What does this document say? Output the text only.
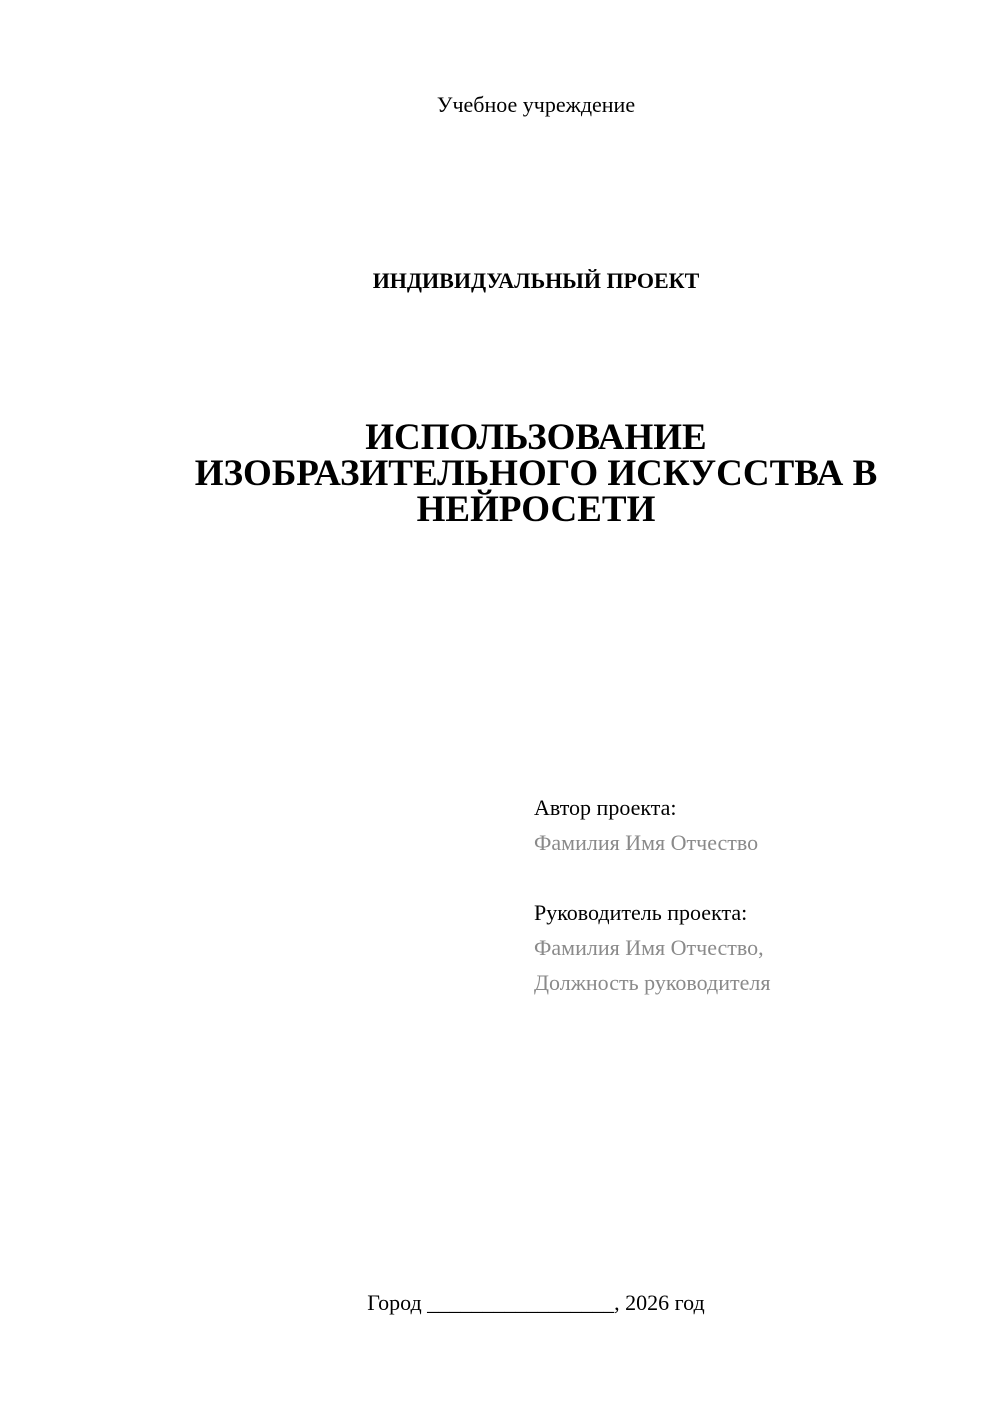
Учебное учреждение
ИНДИВИДУАЛЬНЫЙ ПРОЕКТ
ИСПОЛЬЗОВАНИЕ
ИЗОБРАЗИТЕЛЬНОГО ИСКУССТВА В
НЕЙРОСЕТИ
Автор проекта:
Фамилия Имя Отчество
Руководитель проекта:
Фамилия Имя Отчество,
Должность руководителя
Город _________________, 2026 год
